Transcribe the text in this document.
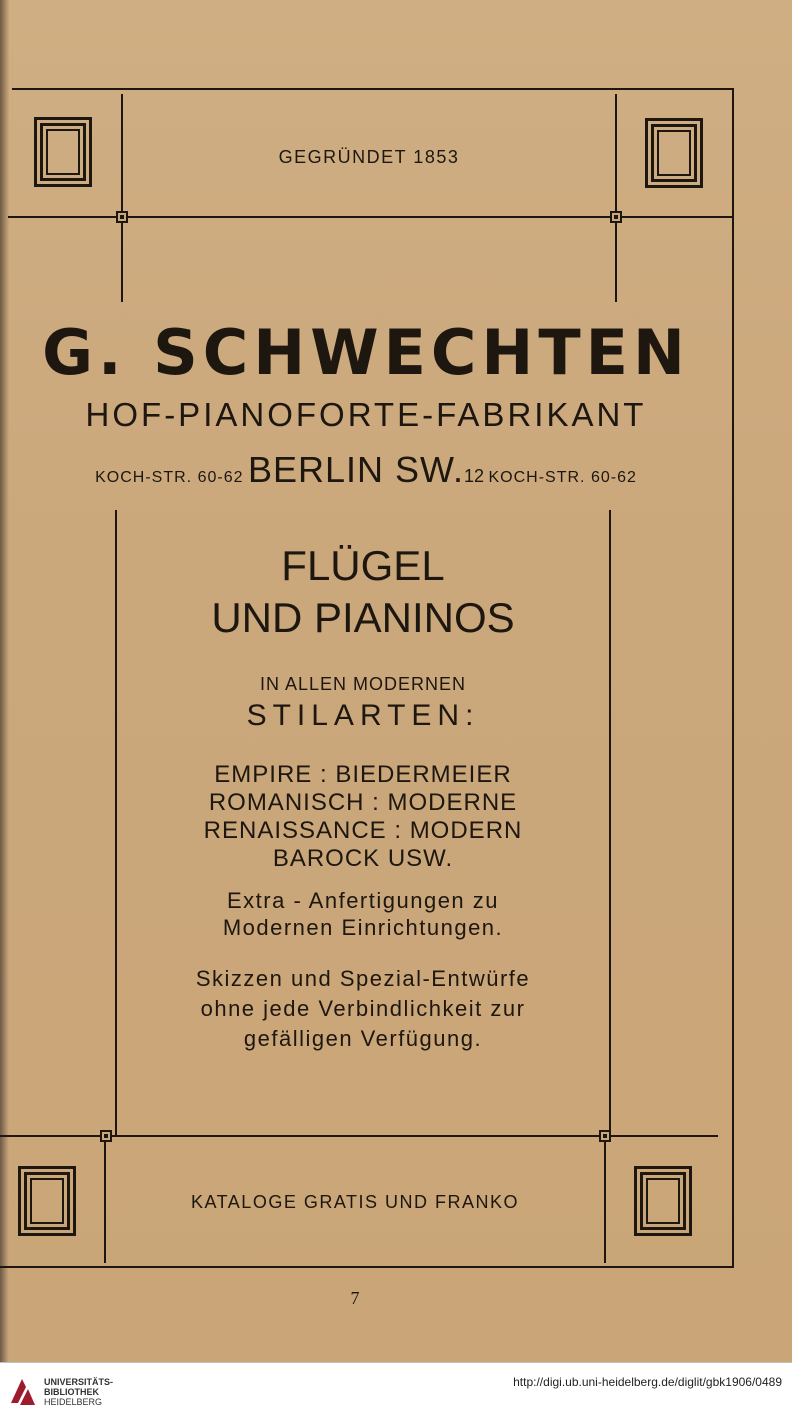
GEGRÜNDET 1853
G. SCHWECHTEN
HOF-PIANOFORTE-FABRIKANT
KOCH-STR. 60-62 BERLIN SW.12 KOCH-STR. 60-62
FLÜGEL
UND PIANINOS
IN ALLEN MODERNEN
STILARTEN:
EMPIRE : BIEDERMEIER
ROMANISCH : MODERNE
RENAISSANCE : MODERN
BAROCK USW.
Extra - Anfertigungen zu
Modernen Einrichtungen.
Skizzen und Spezial-Entwürfe
ohne jede Verbindlichkeit zur
gefälligen Verfügung.
KATALOGE GRATIS UND FRANKO
7
UNIVERSITÄTS-
BIBLIOTHEK
HEIDELBERG
http://digi.ub.uni-heidelberg.de/diglit/gbk1906/0489
